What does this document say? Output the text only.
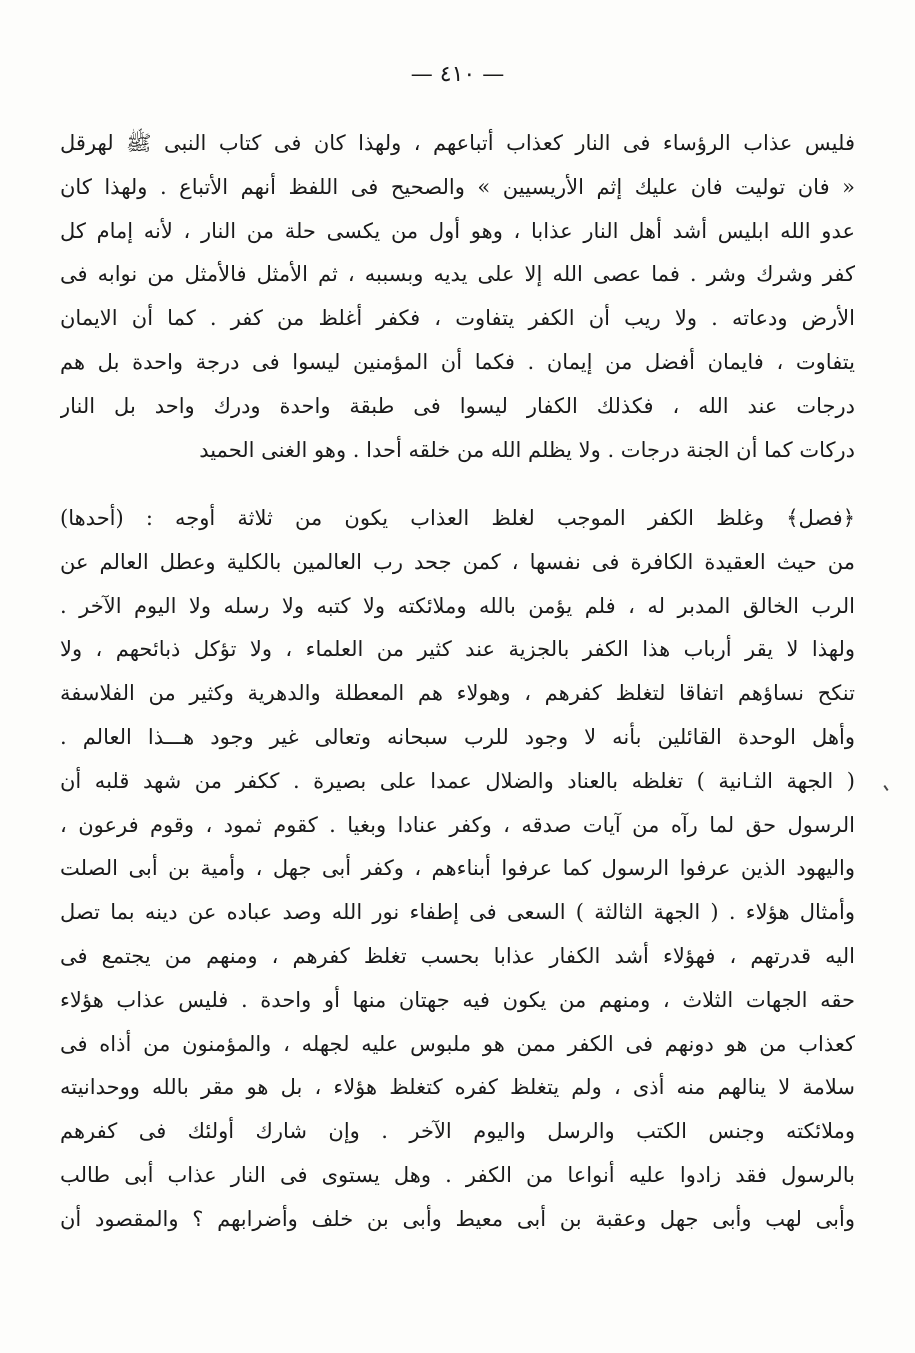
— ٤١٠ —
فليس عذاب الرؤساء فى النار كعذاب أتباعهم ، ولهذا كان فى كتاب النبى ﷺ لهرقل
« فان توليت فان عليك إثم الأريسيين » والصحيح فى اللفظ أنهم الأتباع . ولهذا كان
عدو الله ابليس أشد أهل النار عذابا ، وهو أول من يكسى حلة من النار ، لأنه إمام كل
كفر وشرك وشر . فما عصى الله إلا على يديه وبسببه ، ثم الأمثل فالأمثل من نوابه فى
الأرض ودعاته . ولا ريب أن الكفر يتفاوت ، فكفر أغلظ من كفر . كما أن الايمان
يتفاوت ، فايمان أفضل من إيمان . فكما أن المؤمنين ليسوا فى درجة واحدة بل هم
درجات عند الله ، فكذلك الكفار ليسوا فى طبقة واحدة ودرك واحد بل النار
دركات كما أن الجنة درجات . ولا يظلم الله من خلقه أحدا . وهو الغنى الحميد
﴿فصل﴾ وغلظ الكفر الموجب لغلظ العذاب يكون من ثلاثة أوجه : (أحدها)
من حيث العقيدة الكافرة فى نفسها ، كمن جحد رب العالمين بالكلية وعطل العالم عن
الرب الخالق المدبر له ، فلم يؤمن بالله وملائكته ولا كتبه ولا رسله ولا اليوم الآخر .
ولهذا لا يقر أرباب هذا الكفر بالجزية عند كثير من العلماء ، ولا تؤكل ذبائحهم ، ولا
تنكح نساؤهم اتفاقا لتغلظ كفرهم ، وهولاء هم المعطلة والدهرية وكثير من الفلاسفة
وأهل الوحدة القائلين بأنه لا وجود للرب سبحانه وتعالى غير وجود هـــذا العالم .
( الجهة الثـانية ) تغلظه بالعناد والضلال عمدا على بصيرة . ككفر من شهد قلبه أن
الرسول حق لما رآه من آيات صدقه ، وكفر عنادا وبغيا . كقوم ثمود ، وقوم فرعون ،
واليهود الذين عرفوا الرسول كما عرفوا أبناءهم ، وكفر أبى جهل ، وأمية بن أبى الصلت
وأمثال هؤلاء . ( الجهة الثالثة ) السعى فى إطفاء نور الله وصد عباده عن دينه بما تصل
اليه قدرتهم ، فهؤلاء أشد الكفار عذابا بحسب تغلظ كفرهم ، ومنهم من يجتمع فى
حقه الجهات الثلاث ، ومنهم من يكون فيه جهتان منها أو واحدة . فليس عذاب هؤلاء
كعذاب من هو دونهم فى الكفر ممن هو ملبوس عليه لجهله ، والمؤمنون من أذاه فى
سلامة لا ينالهم منه أذى ، ولم يتغلظ كفره كتغلظ هؤلاء ، بل هو مقر بالله ووحدانيته
وملائكته وجنس الكتب والرسل واليوم الآخر . وإن شارك أولئك فى كفرهم
بالرسول فقد زادوا عليه أنواعا من الكفر . وهل يستوى فى النار عذاب أبى طالب
وأبى لهب وأبى جهل وعقبة بن أبى معيط وأبى بن خلف وأضرابهم ؟ والمقصود أن
